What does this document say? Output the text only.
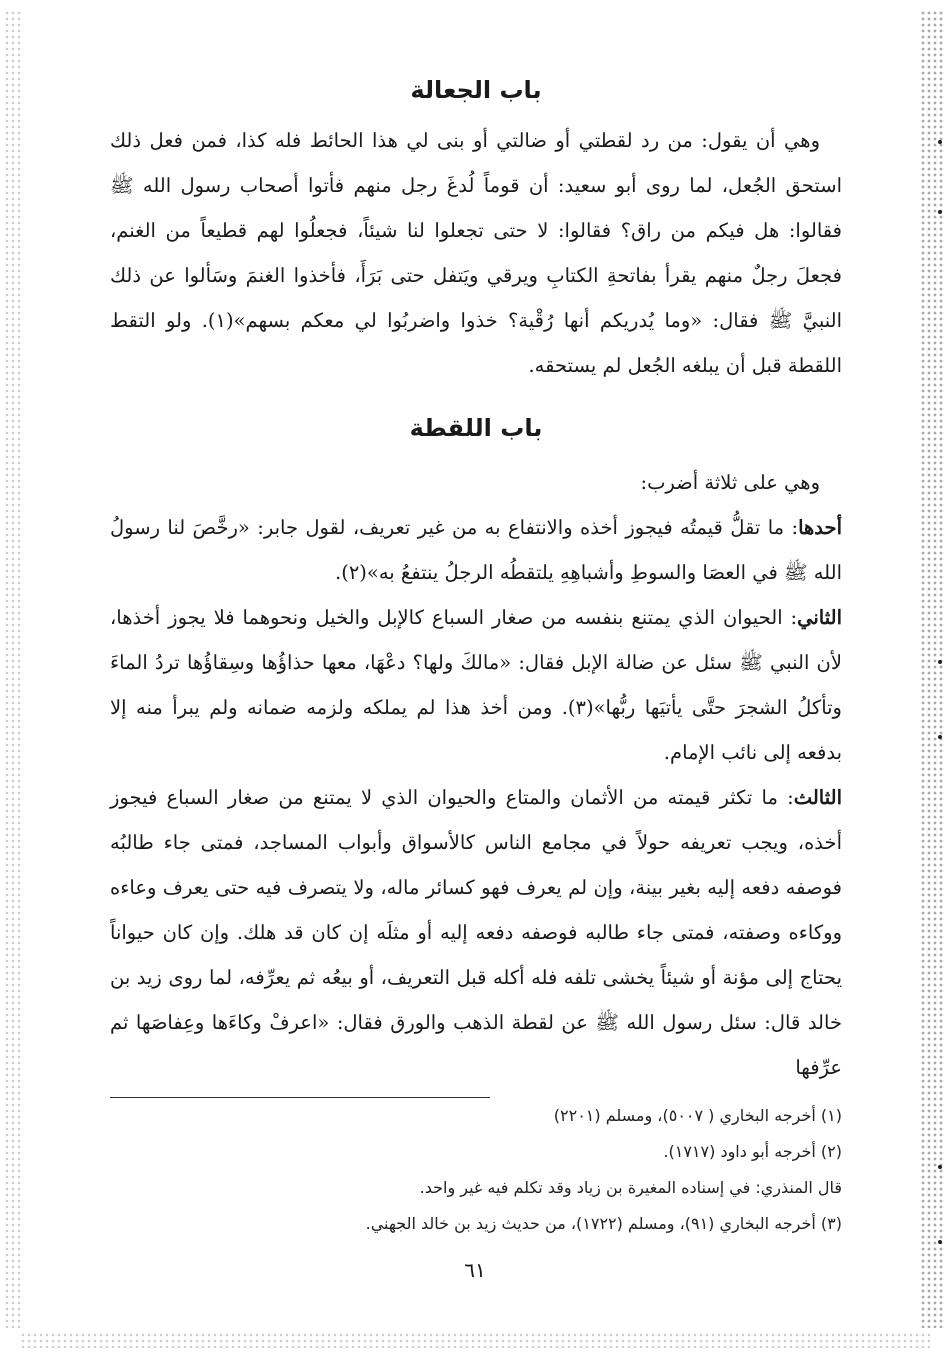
باب الجعالة

وهي أن يقول: من رد لقطتي أو ضالتي أو بنى لي هذا الحائط فله كذا، فمن فعل ذلك استحق الجُعل، لما روى أبو سعيد: أن قوماً لُدغَ رجل منهم فأتوا أصحاب رسول الله ﷺ فقالوا: هل فيكم من راق؟ فقالوا: لا حتى تجعلوا لنا شيئاً، فجعلُوا لهم قطيعاً من الغنم، فجعلَ رجلٌ منهم يقرأ بفاتحةِ الكتابِ ويرقي ويَتفل حتى بَرَأَ، فأخذوا الغنمَ وسَألوا عن ذلك النبيَّ ﷺ فقال: «وما يُدريكم أنها رُقْية؟ خذوا واضربُوا لي معكم بسهم»(١). ولو التقط اللقطة قبل أن يبلغه الجُعل لم يستحقه.

باب اللقطة

وهي على ثلاثة أضرب:

أحدها: ما تقلُّ قيمتُه فيجوز أخذه والانتفاع به من غير تعريف، لقول جابر: «رخَّصَ لنا رسولُ الله ﷺ في العصَا والسوطِ وأشباهِهِ يلتقطُه الرجلُ ينتفعُ به»(٢).

الثاني: الحيوان الذي يمتنع بنفسه من صغار السباع كالإبل والخيل ونحوهما فلا يجوز أخذها، لأن النبي ﷺ سئل عن ضالة الإبل فقال: «مالكَ ولها؟ دعْهَا، معها حذاؤُها وسِقاؤُها تردُ الماءَ وتأكلُ الشجرَ حتَّى يأتيَها ربُّها»(٣). ومن أخذ هذا لم يملكه ولزمه ضمانه ولم يبرأ منه إلا بدفعه إلى نائب الإمام.

الثالث: ما تكثر قيمته من الأثمان والمتاع والحيوان الذي لا يمتنع من صغار السباع فيجوز أخذه، ويجب تعريفه حولاً في مجامع الناس كالأسواق وأبواب المساجد، فمتى جاء طالبُه فوصفه دفعه إليه بغير بينة، وإن لم يعرف فهو كسائر ماله، ولا يتصرف فيه حتى يعرف وعاءه ووكاءه وصفته، فمتى جاء طالبه فوصفه دفعه إليه أو مثلَه إن كان قد هلك. وإن كان حيواناً يحتاج إلى مؤنة أو شيئاً يخشى تلفه فله أكله قبل التعريف، أو بيعُه ثم يعرِّفه، لما روى زيد بن خالد قال: سئل رسول الله ﷺ عن لقطة الذهب والورق فقال: «اعرفْ وكاءَها وعِفاصَها ثم عرِّفها

(١) أخرجه البخاري ( ٥٠٠٧)، ومسلم (٢٢٠١)

(٢) أخرجه أبو داود (١٧١٧).

قال المنذري: في إسناده المغيرة بن زياد وقد تكلم فيه غير واحد.

(٣) أخرجه البخاري (٩١)، ومسلم (١٧٢٢)، من حديث زيد بن خالد الجهني.

٦١
